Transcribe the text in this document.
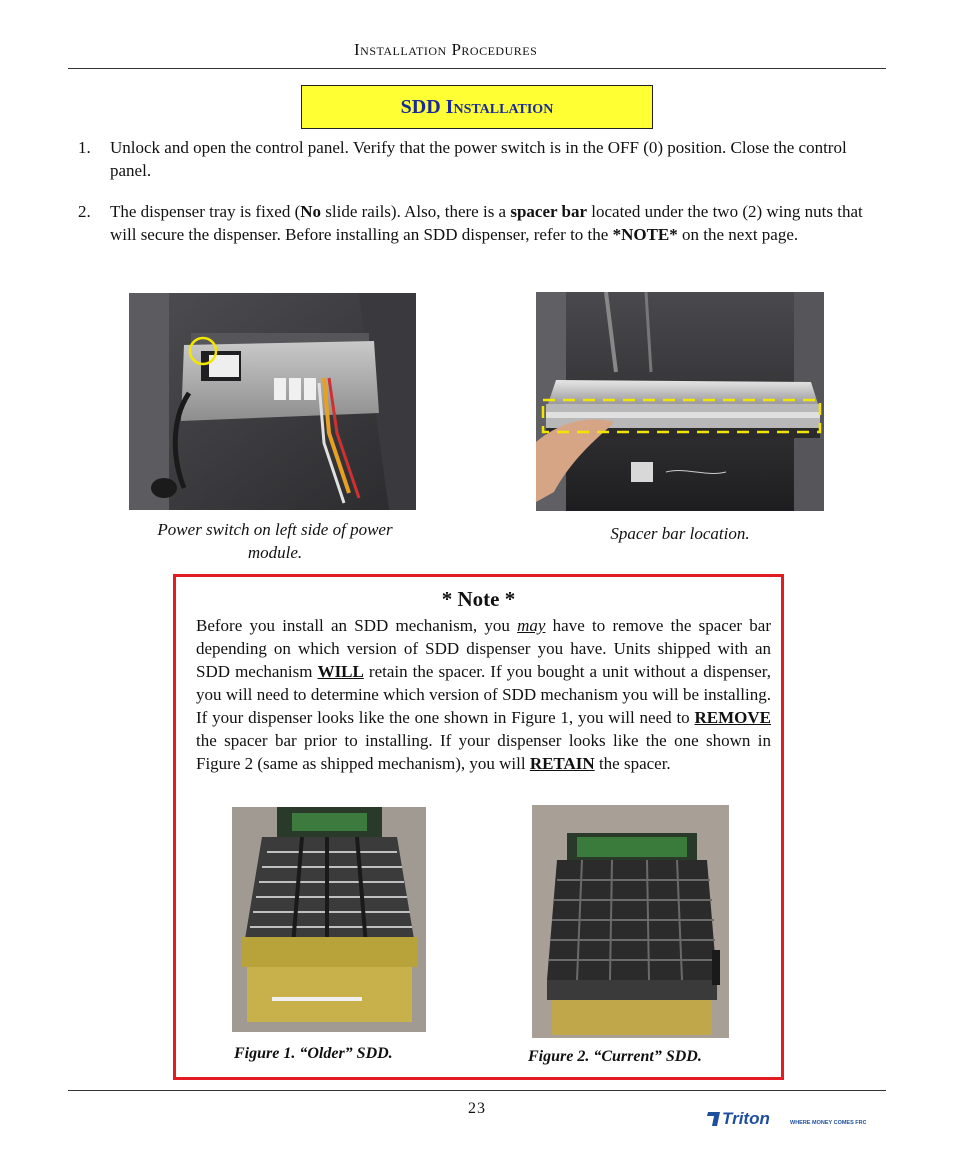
Installation Procedures
SDD Installation
1. Unlock and open the control panel. Verify that the power switch is in the OFF (0) position. Close the control panel.
2. The dispenser tray is fixed (No slide rails). Also, there is a spacer bar located under the two (2) wing nuts that will secure the dispenser. Before installing an SDD dispenser, refer to the *NOTE* on the next page.
Power switch on left side of power module.
Spacer bar location.
* Note *
Before you install an SDD mechanism, you may have to remove the spacer bar depending on which version of SDD dispenser you have. Units shipped with an SDD mechanism WILL retain the spacer. If you bought a unit without a dispenser, you will need to determine which version of SDD mechanism you will be installing. If your dispenser looks like the one shown in Figure 1, you will need to REMOVE the spacer bar prior to installing. If your dispenser looks like the one shown in Figure 2 (same as shipped mechanism), you will RETAIN the spacer.
Figure 1. “Older” SDD.	Figure 2. “Current” SDD.
23
Triton	WHERE MONEY COMES FROM.
